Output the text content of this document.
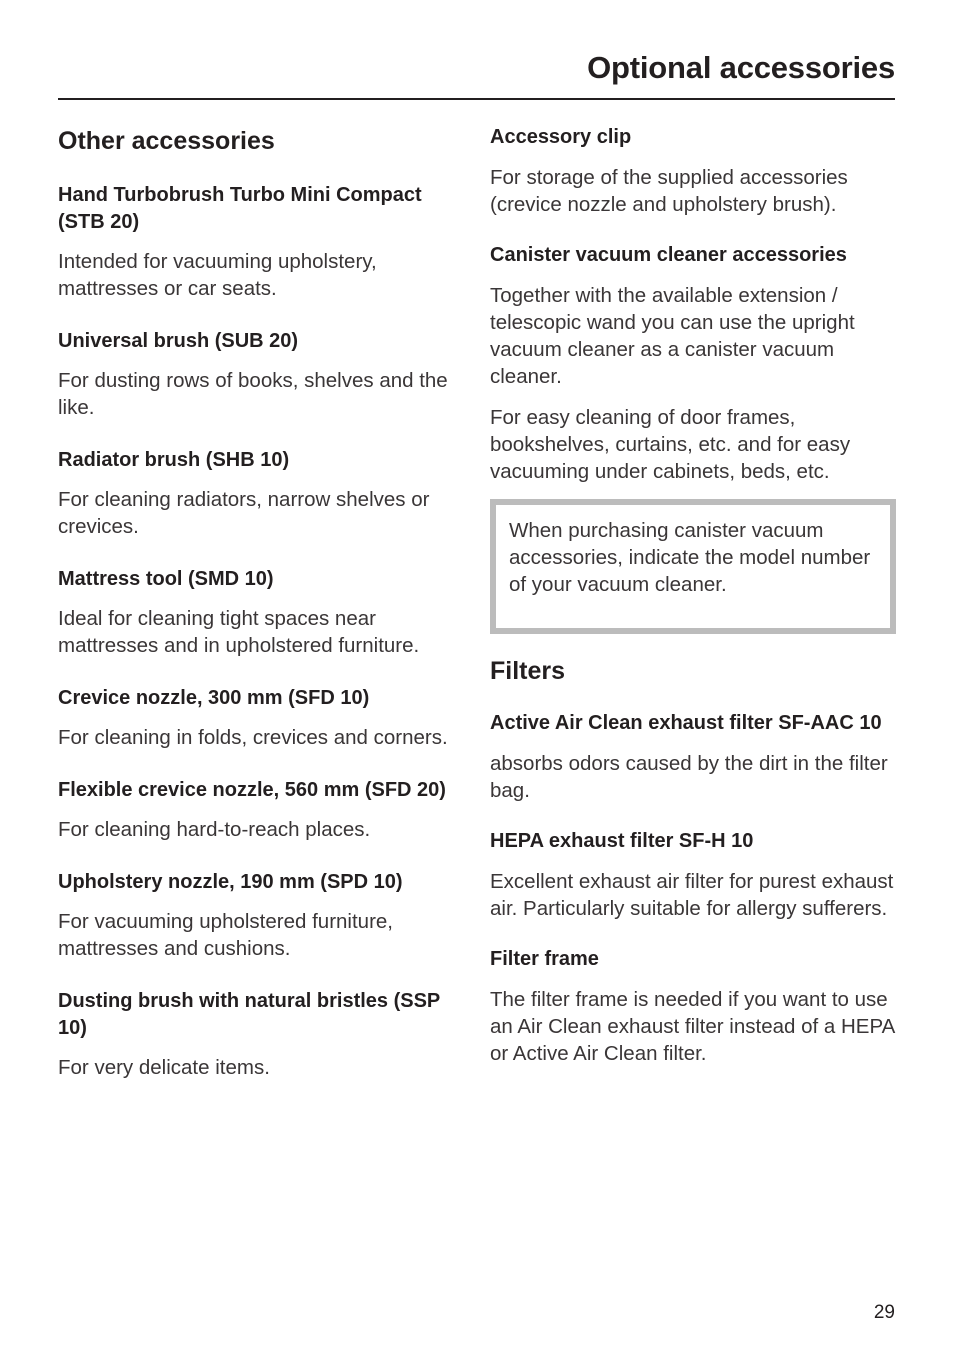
Optional accessories
Other accessories
Hand Turbobrush Turbo Mini Compact (STB 20)

Intended for vacuuming upholstery, mattresses or car seats.

Universal brush (SUB 20)

For dusting rows of books, shelves and the like.

Radiator brush (SHB 10)

For cleaning radiators, narrow shelves or crevices.

Mattress tool (SMD 10)

Ideal for cleaning tight spaces near mattresses and in upholstered furniture.

Crevice nozzle, 300 mm (SFD 10)

For cleaning in folds, crevices and corners.

Flexible crevice nozzle, 560 mm (SFD 20)

For cleaning hard-to-reach places.

Upholstery nozzle, 190 mm (SPD 10)

For vacuuming upholstered furniture, mattresses and cushions.

Dusting brush with natural bristles (SSP 10)

For very delicate items.

Accessory clip

For storage of the supplied accessories (crevice nozzle and upholstery brush).

Canister vacuum cleaner accessories

Together with the available extension / telescopic wand you can use the upright vacuum cleaner as a canister vacuum cleaner.

For easy cleaning of door frames, bookshelves, curtains, etc. and for easy vacuuming under cabinets, beds, etc.

When purchasing canister vacuum accessories, indicate the model number of your vacuum cleaner.

Filters
Active Air Clean exhaust filter SF-AAC 10

absorbs odors caused by the dirt in the filter bag.

HEPA exhaust filter SF-H 10

Excellent exhaust air filter for purest exhaust air. Particularly suitable for allergy sufferers.

Filter frame

The filter frame is needed if you want to use an Air Clean exhaust filter instead of a HEPA or Active Air Clean filter.

29
